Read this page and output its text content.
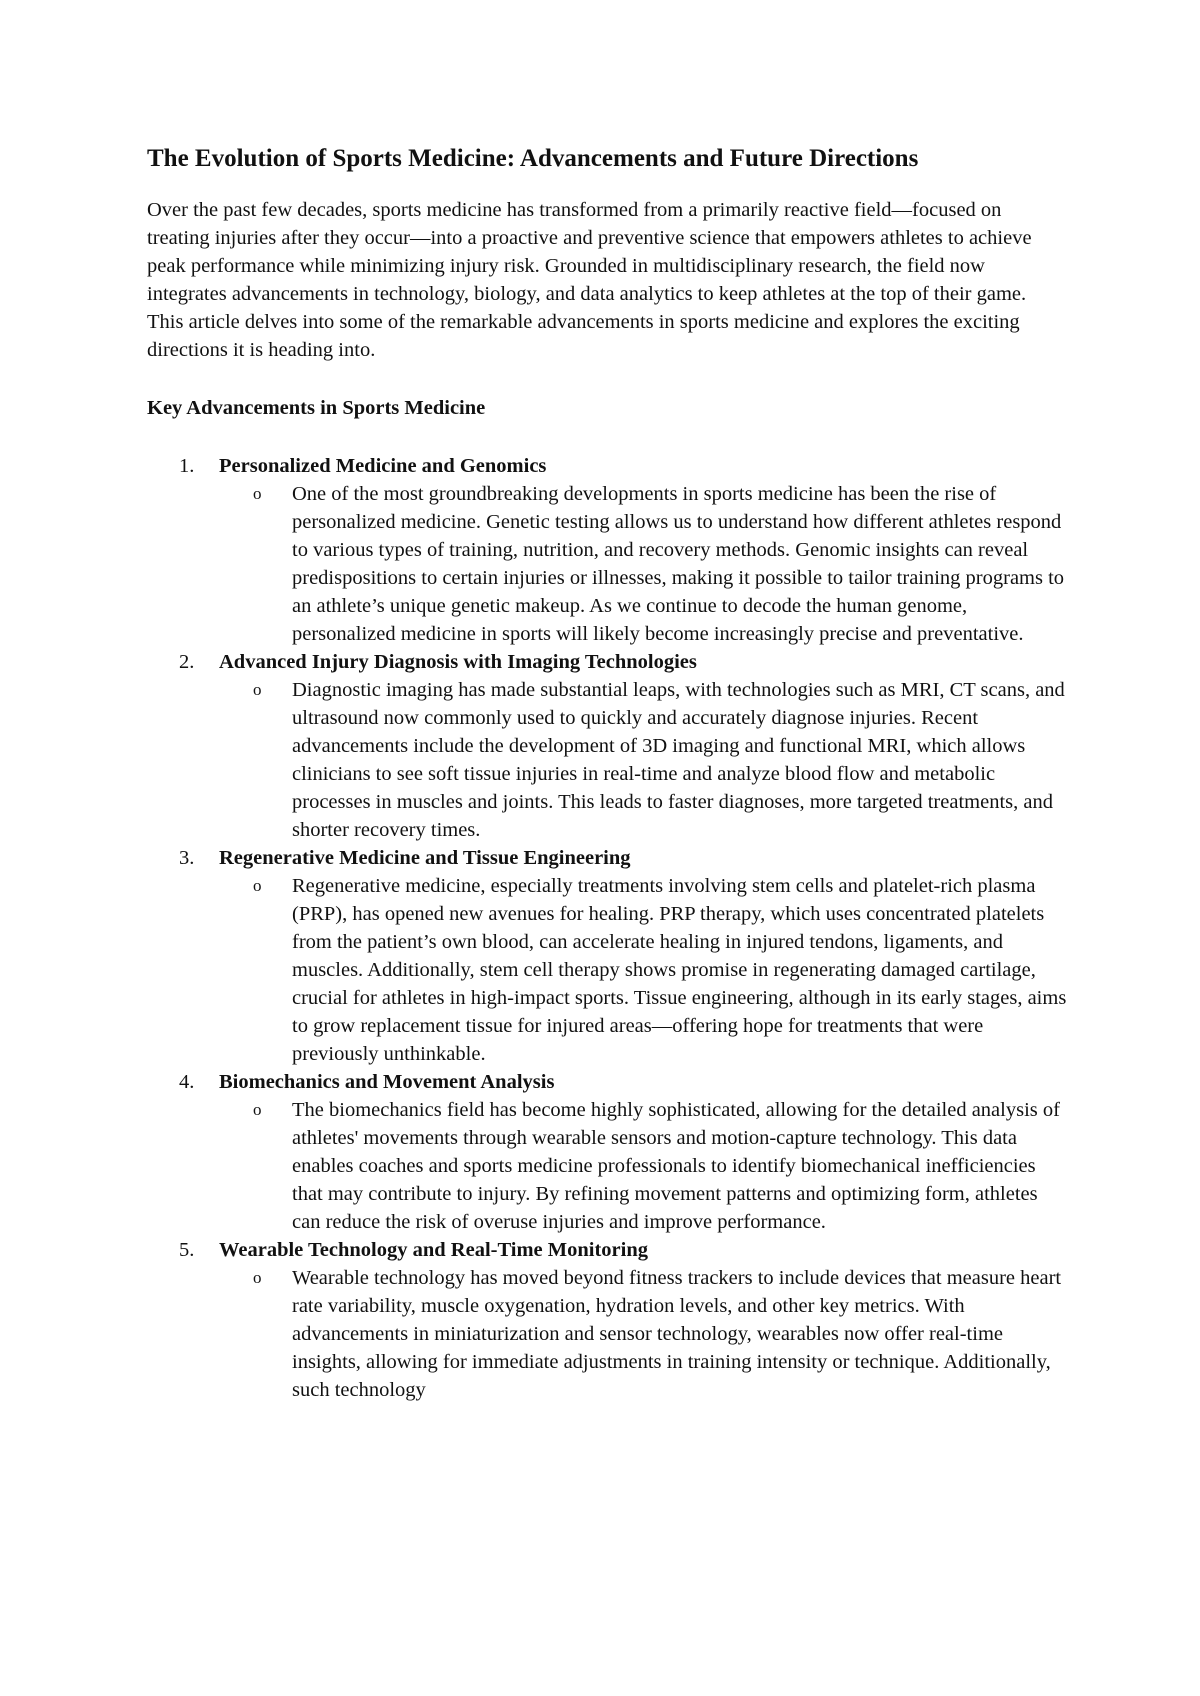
The Evolution of Sports Medicine: Advancements and Future Directions

Over the past few decades, sports medicine has transformed from a primarily reactive field—focused on treating injuries after they occur—into a proactive and preventive science that empowers athletes to achieve peak performance while minimizing injury risk. Grounded in multidisciplinary research, the field now integrates advancements in technology, biology, and data analytics to keep athletes at the top of their game. This article delves into some of the remarkable advancements in sports medicine and explores the exciting directions it is heading into.

Key Advancements in Sports Medicine
1. Personalized Medicine and Genomics
o One of the most groundbreaking developments in sports medicine has been the rise of personalized medicine. Genetic testing allows us to understand how different athletes respond to various types of training, nutrition, and recovery methods. Genomic insights can reveal predispositions to certain injuries or illnesses, making it possible to tailor training programs to an athlete’s unique genetic makeup. As we continue to decode the human genome, personalized medicine in sports will likely become increasingly precise and preventative.
2. Advanced Injury Diagnosis with Imaging Technologies
o Diagnostic imaging has made substantial leaps, with technologies such as MRI, CT scans, and ultrasound now commonly used to quickly and accurately diagnose injuries. Recent advancements include the development of 3D imaging and functional MRI, which allows clinicians to see soft tissue injuries in real-time and analyze blood flow and metabolic processes in muscles and joints. This leads to faster diagnoses, more targeted treatments, and shorter recovery times.
3. Regenerative Medicine and Tissue Engineering
o Regenerative medicine, especially treatments involving stem cells and platelet-rich plasma (PRP), has opened new avenues for healing. PRP therapy, which uses concentrated platelets from the patient’s own blood, can accelerate healing in injured tendons, ligaments, and muscles. Additionally, stem cell therapy shows promise in regenerating damaged cartilage, crucial for athletes in high-impact sports. Tissue engineering, although in its early stages, aims to grow replacement tissue for injured areas—offering hope for treatments that were previously unthinkable.
4. Biomechanics and Movement Analysis
o The biomechanics field has become highly sophisticated, allowing for the detailed analysis of athletes' movements through wearable sensors and motion-capture technology. This data enables coaches and sports medicine professionals to identify biomechanical inefficiencies that may contribute to injury. By refining movement patterns and optimizing form, athletes can reduce the risk of overuse injuries and improve performance.
5. Wearable Technology and Real-Time Monitoring
o Wearable technology has moved beyond fitness trackers to include devices that measure heart rate variability, muscle oxygenation, hydration levels, and other key metrics. With advancements in miniaturization and sensor technology, wearables now offer real-time insights, allowing for immediate adjustments in training intensity or technique. Additionally, such technology
